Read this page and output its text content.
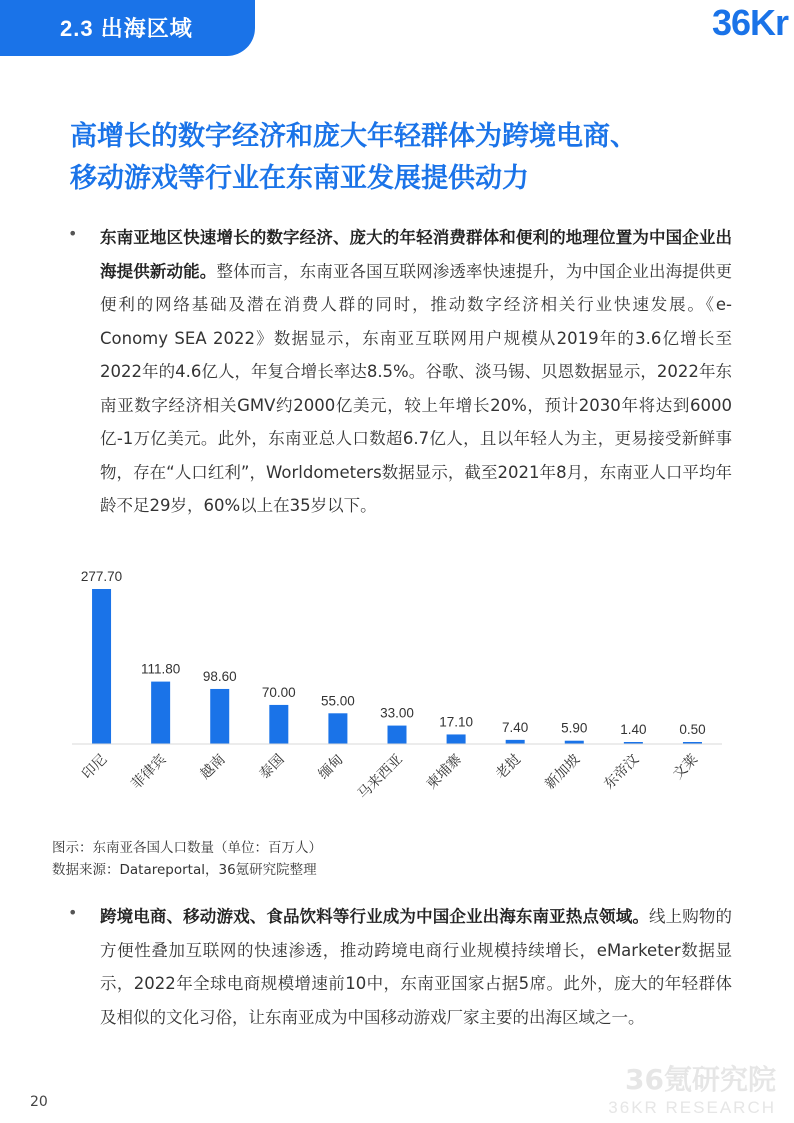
2.3 出海区域	36Kr
高增长的数字经济和庞大年轻群体为跨境电商、
移动游戏等行业在东南亚发展提供动力
• 东南亚地区快速增长的数字经济、庞大的年轻消费群体和便利的地理位置为中国企业出海提供新动能。整体而言，东南亚各国互联网渗透率快速提升，为中国企业出海提供更便利的网络基础及潜在消费人群的同时，推动数字经济相关行业快速发展。《e-Conomy SEA 2022》数据显示，东南亚互联网用户规模从2019年的3.6亿增长至2022年的4.6亿人，年复合增长率达8.5%。谷歌、淡马锡、贝恩数据显示，2022年东南亚数字经济相关GMV约2000亿美元，较上年增长20%，预计2030年将达到6000亿-1万亿美元。此外，东南亚总人口数超6.7亿人，且以年轻人为主，更易接受新鲜事物，存在“人口红利”，Worldometers数据显示，截至2021年8月，东南亚人口平均年龄不足29岁，60%以上在35岁以下。
277.70
印尼
111.80
菲律宾
98.60
越南
70.00
泰国
55.00
缅甸
33.00
马来西亚
17.10
柬埔寨
7.40
老挝
5.90
新加坡
1.40
东帝汶
0.50
文莱
图示：东南亚各国人口数量（单位：百万人）
数据来源：Datareportal，36氪研究院整理
• 跨境电商、移动游戏、食品饮料等行业成为中国企业出海东南亚热点领域。线上购物的方便性叠加互联网的快速渗透，推动跨境电商行业规模持续增长，eMarketer数据显示，2022年全球电商规模增速前10中，东南亚国家占据5席。此外，庞大的年轻群体及相似的文化习俗，让东南亚成为中国移动游戏厂家主要的出海区域之一。
36氪研究院
36KR RESEARCH
20
